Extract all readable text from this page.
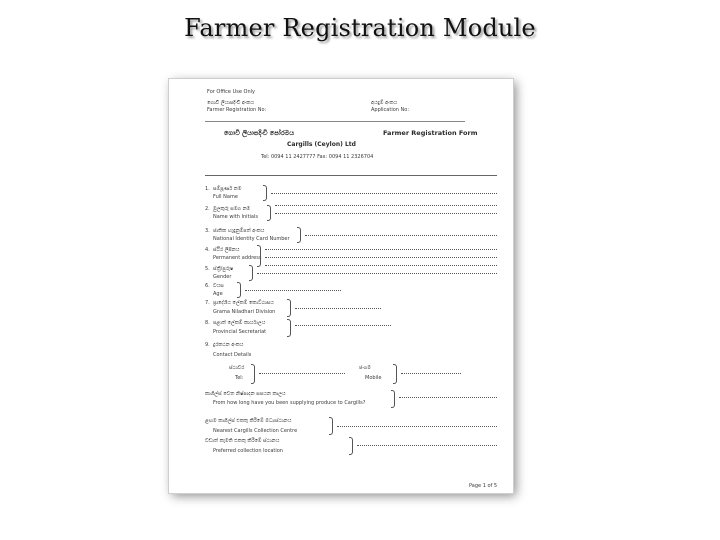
Farmer Registration Module
For Office Use Only
ගොවි ලියාපදිංචි අංකය
Farmer Registration No:
අයදුම් අංකය
Application No:
ගොවි ලියාපදිංචි පෝරමය	Farmer Registration Form
Cargills (Ceylon) Ltd
Tel: 0094 11 2427777 Fax: 0094 11 2326704
1. සම්පූර්ණ නම
Full Name
2. මුලකුරු සමග නම
Name with Initials
3. ජාතික හැඳුනුම්පත් අංකය
National Identity Card Number
4. ස්ථිර ලිපිනය
Permanent address
5. ස්ත්‍රී/පුරුෂ
Gender
6. වයස
Age
7. ප්‍රාදේශීය ලේකම් කොට්ඨාසය
Grama Niladhari Division
8. පළාත් ලේකම් කාර්යාලය
Provincial Secretariat
9. දුරකථන අංකය
Contact Details
ස්ථාවර
Tel:
ජංගම
Mobile
කාගිල්ස් වෙත නිෂ්පාදන සපයන කාලය
From how long have you been supplying produce to Cargills?
ළඟම කාගිල්ස් එකතු කිරීමේ මධ්‍යස්ථානය
Nearest Cargills Collection Centre
වඩාත් කැමති එකතු කිරීමේ ස්ථානය
Preferred collection location
Page 1 of 5
